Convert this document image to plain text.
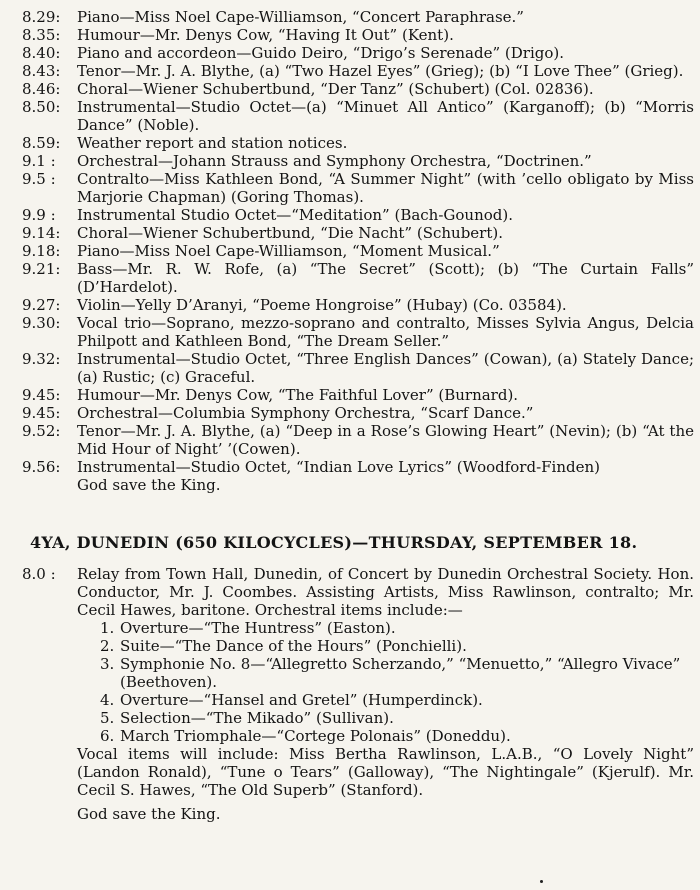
8.29:	Piano—Miss Noel Cape-Williamson, “Concert Paraphrase.”
8.35:	Humour—Mr. Denys Cow, “Having It Out” (Kent).
8.40:	Piano and accordeon—Guido Deiro, “Drigo’s Serenade” (Drigo).
8.43:	Tenor—Mr. J. A. Blythe, (a) “Two Hazel Eyes” (Grieg); (b) “I Love Thee” (Grieg).
8.46:	Choral—Wiener Schubertbund, “Der Tanz” (Schubert) (Col. 02836).
8.50:	Instrumental—Studio Octet—(a) “Minuet All Antico” (Karganoff); (b) “Morris Dance” (Noble).
8.59:	Weather report and station notices.
9.1 :	Orchestral—Johann Strauss and Symphony Orchestra, “Doctrinen.”
9.5 :	Contralto—Miss Kathleen Bond, “A Summer Night” (with ’cello obligato by Miss Marjorie Chapman) (Goring Thomas).
9.9 :	Instrumental Studio Octet—“Meditation” (Bach-Gounod).
9.14:	Choral—Wiener Schubertbund, “Die Nacht” (Schubert).
9.18:	Piano—Miss Noel Cape-Williamson, “Moment Musical.”
9.21:	Bass—Mr. R. W. Rofe, (a) “The Secret” (Scott); (b) “The Curtain Falls” (D’Hardelot).
9.27:	Violin—Yelly D’Aranyi, “Poeme Hongroise” (Hubay) (Co. 03584).
9.30:	Vocal trio—Soprano, mezzo-soprano and contralto, Misses Sylvia Angus, Delcia Philpott and Kathleen Bond, “The Dream Seller.”
9.32:	Instrumental—Studio Octet, “Three English Dances” (Cowan), (a) Stately Dance; (a) Rustic; (c) Graceful.
9.45:	Humour—Mr. Denys Cow, “The Faithful Lover” (Burnard).
9.45:	Orchestral—Columbia Symphony Orchestra, “Scarf Dance.”
9.52:	Tenor—Mr. J. A. Blythe, (a) “Deep in a Rose’s Glowing Heart” (Nevin); (b) “At the Mid Hour of Night’ ’(Cowen).
9.56:	Instrumental—Studio Octet, “Indian Love Lyrics” (Woodford-Finden)
God save the King.
4YA, DUNEDIN (650 KILOCYCLES)—THURSDAY, SEPTEMBER 18.
8.0 :	Relay from Town Hall, Dunedin, of Concert by Dunedin Orchestral Society. Hon. Conductor, Mr. J. Coombes. Assisting Artists, Miss Rawlinson, contralto; Mr. Cecil Hawes, baritone. Orchestral items include:—
1. Overture—“The Huntress” (Easton).
2. Suite—“The Dance of the Hours” (Ponchielli).
3. Symphonie No. 8—“Allegretto Scherzando,” “Menuetto,” “Allegro Vivace” (Beethoven).
4. Overture—“Hansel and Gretel” (Humperdinck).
5. Selection—“The Mikado” (Sullivan).
6. March Triomphale—“Cortege Polonais” (Doneddu).
Vocal items will include: Miss Bertha Rawlinson, L.A.B., “O Lovely Night” (Landon Ronald), “Tune o Tears” (Galloway), “The Nightingale” (Kjerulf). Mr. Cecil S. Hawes, “The Old Superb” (Stanford).
God save the King.
